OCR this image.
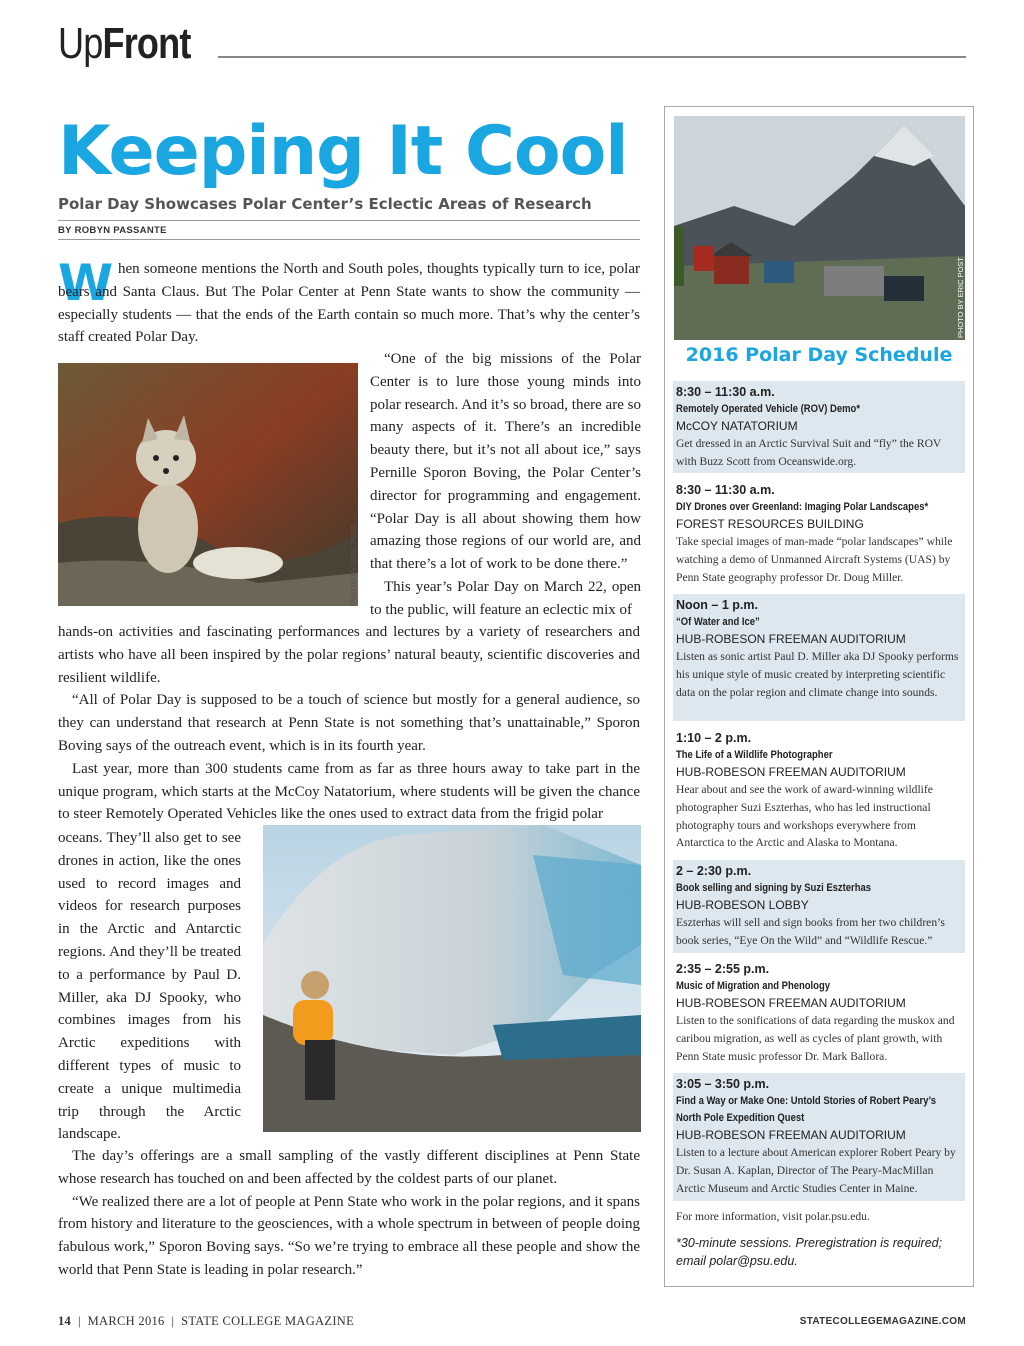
UpFront
Keeping It Cool
Polar Day Showcases Polar Center’s Eclectic Areas of Research
BY ROBYN PASSANTE
W hen someone mentions the North and South poles, thoughts typically turn to ice, polar bears and Santa Claus. But The Polar Center at Penn State wants to show the community — especially students — that the ends of the Earth contain so much more. That’s why the center’s staff created Polar Day.
PHOTO BY ERIC POST
“One of the big missions of the Polar Center is to lure those young minds into polar research. And it’s so broad, there are so many aspects of it. There’s an incredible beauty there, but it’s not all about ice,” says Pernille Sporon Boving, the Polar Center’s director for programming and engagement. “Polar Day is all about showing them how amazing those regions of our world are, and that there’s a lot of work to be done there.”
This year’s Polar Day on March 22, open to the public, will feature an eclectic mix of
hands-on activities and fascinating performances and lectures by a variety of researchers and artists who have all been inspired by the polar regions’ natural beauty, scientific discoveries and resilient wildlife.
“All of Polar Day is supposed to be a touch of science but mostly for a general audience, so they can understand that research at Penn State is not something that’s unattainable,” Sporon Boving says of the outreach event, which is in its fourth year.
Last year, more than 300 students came from as far as three hours away to take part in the unique program, which starts at the McCoy Natatorium, where students will be given the chance to steer Remotely Operated Vehicles like the ones used to extract data from the frigid polar
oceans. They’ll also get to see drones in action, like the ones used to record images and videos for research purposes in the Arctic and Antarctic regions. And they’ll be treated to a performance by Paul D. Miller, aka DJ Spooky, who combines images from his Arctic expeditions with different types of music to create a unique multimedia trip through the Arctic landscape.
The day’s offerings are a small sampling of the vastly different disciplines at Penn State whose research has touched on and been affected by the coldest parts of our planet.
“We realized there are a lot of people at Penn State who work in the polar regions, and it spans from history and literature to the geosciences, with a whole spectrum in between of people doing fabulous work,” Sporon Boving says. “So we’re trying to embrace all these people and show the world that Penn State is leading in polar research.”
PHOTO BY ERIC POST
2016 Polar Day Schedule
8:30 – 11:30 a.m.
Remotely Operated Vehicle (ROV) Demo*
McCOY NATATORIUM
Get dressed in an Arctic Survival Suit and “fly” the ROV with Buzz Scott from Oceanswide.org.
8:30 – 11:30 a.m.
DIY Drones over Greenland: Imaging Polar Landscapes*
FOREST RESOURCES BUILDING
Take special images of man-made “polar landscapes” while watching a demo of Unmanned Aircraft Systems (UAS) by Penn State geography professor Dr. Doug Miller.
Noon – 1 p.m.
“Of Water and Ice”
HUB-ROBESON FREEMAN AUDITORIUM
Listen as sonic artist Paul D. Miller aka DJ Spooky performs his unique style of music created by interpreting scientific data on the polar region and climate change into sounds.
1:10 – 2 p.m.
The Life of a Wildlife Photographer
HUB-ROBESON FREEMAN AUDITORIUM
Hear about and see the work of award-winning wildlife photographer Suzi Eszterhas, who has led instructional photography tours and workshops everywhere from Antarctica to the Arctic and Alaska to Montana.
2 – 2:30 p.m.
Book selling and signing by Suzi Eszterhas
HUB-ROBESON LOBBY
Eszterhas will sell and sign books from her two children’s book series, “Eye On the Wild” and “Wildlife Rescue.”
2:35 – 2:55 p.m.
Music of Migration and Phenology
HUB-ROBESON FREEMAN AUDITORIUM
Listen to the sonifications of data regarding the muskox and caribou migration, as well as cycles of plant growth, with Penn State music professor Dr. Mark Ballora.
3:05 – 3:50 p.m.
Find a Way or Make One: Untold Stories of Robert Peary’s North Pole Expedition Quest
HUB-ROBESON FREEMAN AUDITORIUM
Listen to a lecture about American explorer Robert Peary by Dr. Susan A. Kaplan, Director of The Peary-MacMillan Arctic Museum and Arctic Studies Center in Maine.
For more information, visit polar.psu.edu.
*30-minute sessions. Preregistration is required; email polar@psu.edu.
14  |  MARCH 2016  |  STATE COLLEGE MAGAZINE	STATECOLLEGEMAGAZINE.COM
